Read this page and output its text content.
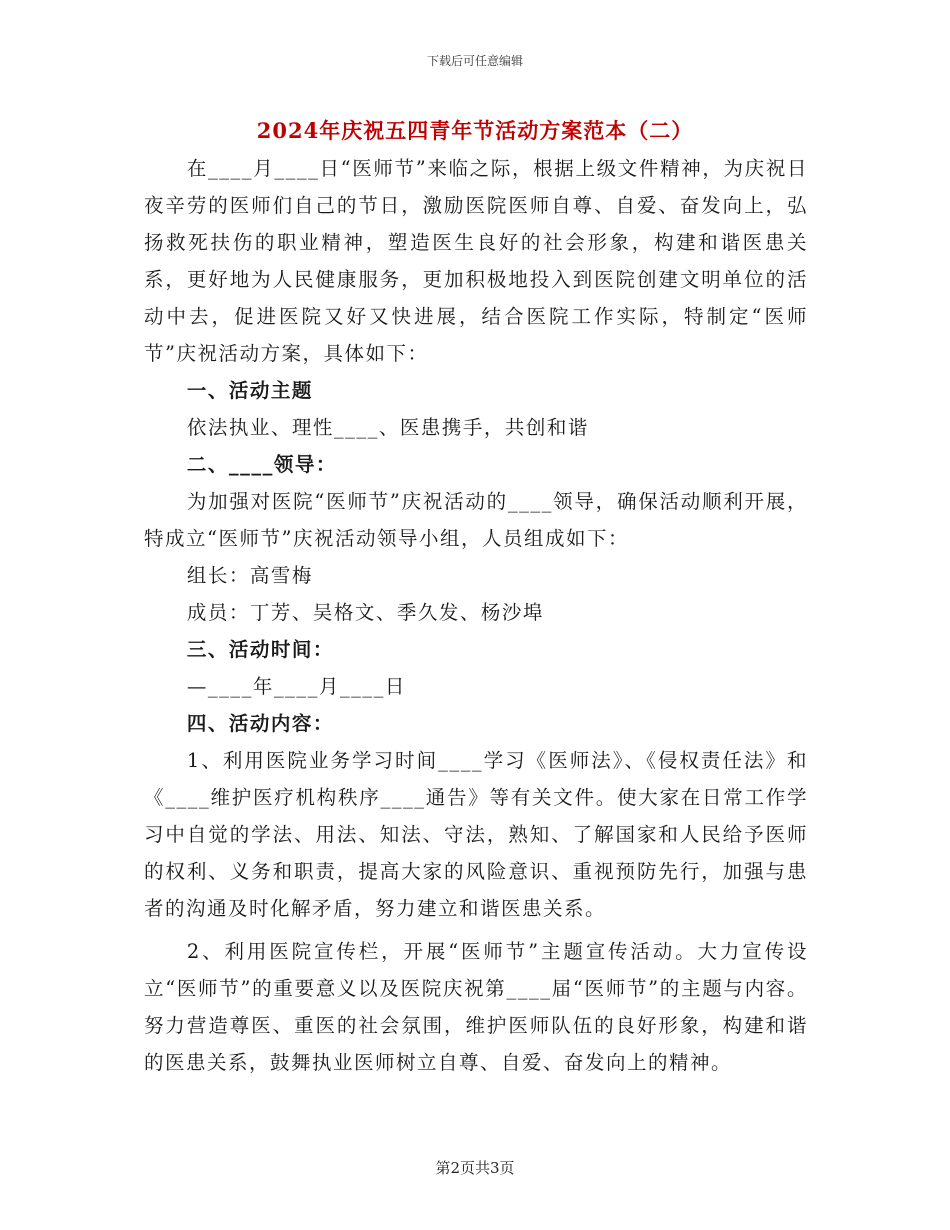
下载后可任意编辑
2024年庆祝五四青年节活动方案范本（二）

在____月____日“医师节”来临之际，根据上级文件精神，为庆祝日夜辛劳的医师们自己的节日，激励医院医师自尊、自爱、奋发向上，弘扬救死扶伤的职业精神，塑造医生良好的社会形象，构建和谐医患关系，更好地为人民健康服务，更加积极地投入到医院创建文明单位的活动中去，促进医院又好又快进展，结合医院工作实际，特制定“医师节”庆祝活动方案，具体如下：

一、活动主题

依法执业、理性____、医患携手，共创和谐

二、____领导：

为加强对医院“医师节”庆祝活动的____领导，确保活动顺利开展，特成立“医师节”庆祝活动领导小组，人员组成如下：

组长：高雪梅

成员：丁芳、吴格文、季久发、杨沙埠

三、活动时间：

—____年____月____日

四、活动内容：

1、利用医院业务学习时间____学习《医师法》、《侵权责任法》和《____维护医疗机构秩序____通告》等有关文件。使大家在日常工作学习中自觉的学法、用法、知法、守法，熟知、了解国家和人民给予医师的权利、义务和职责，提高大家的风险意识、重视预防先行，加强与患者的沟通及时化解矛盾，努力建立和谐医患关系。

2、利用医院宣传栏，开展“医师节”主题宣传活动。大力宣传设立“医师节”的重要意义以及医院庆祝第____届“医师节”的主题与内容。努力营造尊医、重医的社会氛围，维护医师队伍的良好形象，构建和谐的医患关系，鼓舞执业医师树立自尊、自爱、奋发向上的精神。

第2页共3页
